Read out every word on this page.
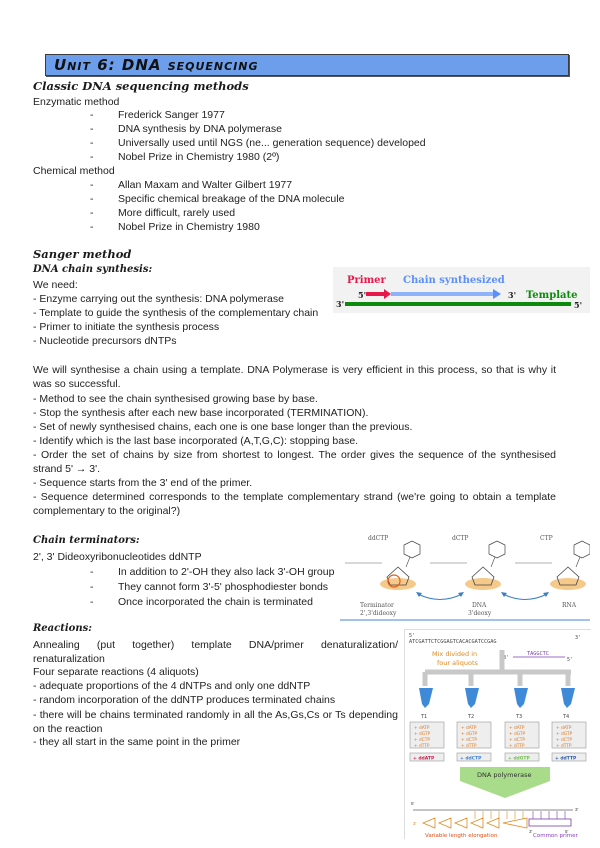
Unit 6: DNA sequencing
Classic DNA sequencing methods
Enzymatic method
- Frederick Sanger 1977
- DNA synthesis by DNA polymerase
- Universally used until NGS (ne... generation sequence) developed
- Nobel Prize in Chemistry 1980 (2º)
Chemical method
- Allan Maxam and Walter Gilbert 1977
- Specific chemical breakage of the DNA molecule
- More difficult, rarely used
- Nobel Prize in Chemistry 1980
Sanger method
DNA chain synthesis:
We need:
- Enzyme carrying out the synthesis: DNA polymerase
- Template to guide the synthesis of the complementary chain
- Primer to initiate the synthesis process
- Nucleotide precursors dNTPs
Primer Chain synthesized
5'	3' Template
3'	5'
We will synthesise a chain using a template. DNA Polymerase is very efficient in this process, so that is why it was so successful.
- Method to see the chain synthesised growing base by base.
- Stop the synthesis after each new base incorporated (TERMINATION).
- Set of newly synthesised chains, each one is one base longer than the previous.
- Identify which is the last base incorporated (A,T,G,C): stopping base.
- Order the set of chains by size from shortest to longest. The order gives the sequence of the synthesised strand 5' → 3'.
- Sequence starts from the 3' end of the primer.
- Sequence determined corresponds to the template complementary strand (we're going to obtain a template complementary to the original?)
Chain terminators:
2', 3' Dideoxyribonucleotides ddNTP
- In addition to 2'-OH they also lack 3'-OH group
- They cannot form 3'-5' phosphodiester bonds
- Once incorporated the chain is terminated
ddCTP
Terminator
2',3'dideoxy
dCTP
DNA
3'deoxy
CTP
RNA
Reactions:
Annealing (put together) template DNA/primer denaturalization/ renaturalization
Four separate reactions (4 aliquots)
- adequate proportions of the 4 dNTPs and only one ddNTP
- random incorporation of the ddNTP produces terminated chains
- there will be chains terminated randomly in all the As,Gs,Cs or Ts depending on the reaction
- they all start in the same point in the primer
5'
ATCGATTCTCGGAGTCACACGATCCGAG
3'
TAGGCTC
3'	5'
Mix divided in
four aliquots
T1	T2	T3	T4
+ dATP
+ dGTP
+ dCTP
+ dTTP
+ dATP
+ dGTP
+ dCTP
+ dTTP
+ dATP
+ dGTP
+ dCTP
+ dTTP
+ dATP
+ dGTP
+ dCTP
+ dTTP
+ ddATP	+ ddCTP	+ ddGTP	+ ddTTP
DNA polymerase
5'
3'
3'
3'	5'
Variable length elongation	Common primer
